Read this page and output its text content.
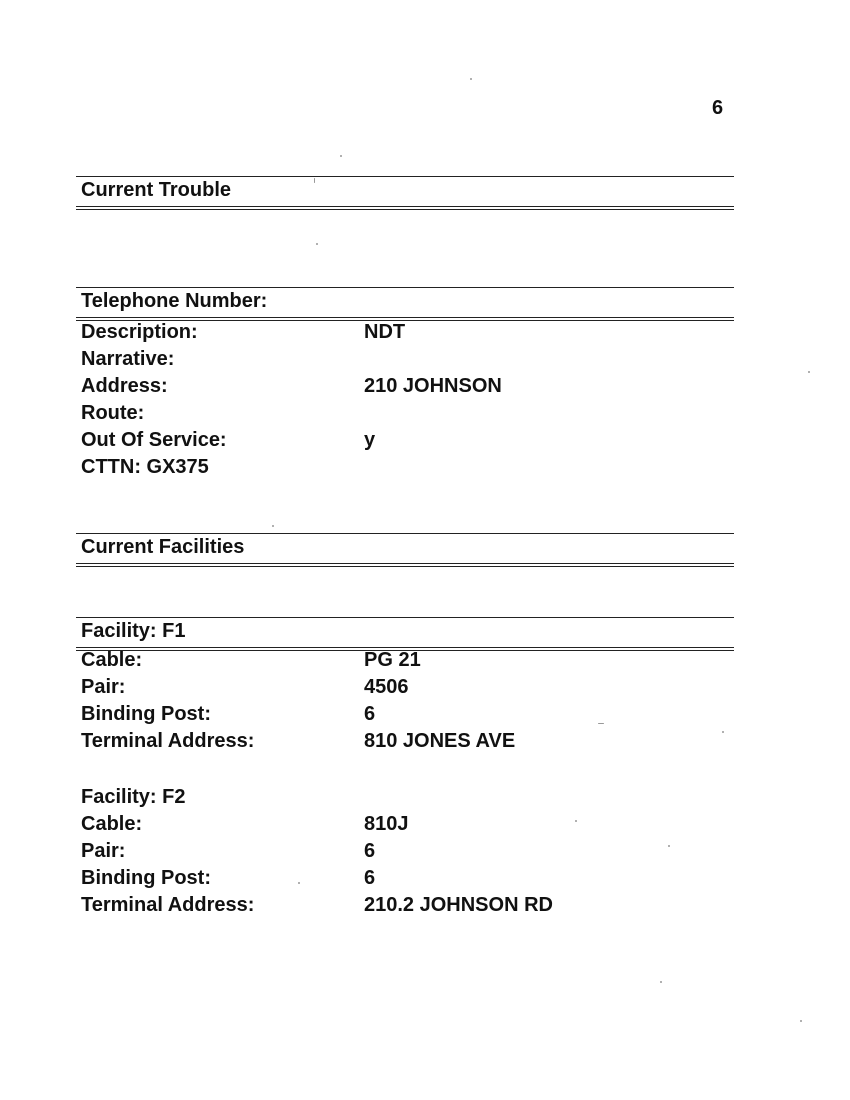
6
Current Trouble
Telephone Number:
Description:	NDT
Narrative:
Address:	210 JOHNSON
Route:
Out Of Service:	y
CTTN: GX375
Current Facilities
Facility: F1
Cable:	PG 21
Pair:	4506
Binding Post:	6
Terminal Address:	810 JONES AVE
Facility: F2
Cable:	810J
Pair:	6
Binding Post:	6
Terminal Address:	210.2 JOHNSON RD
